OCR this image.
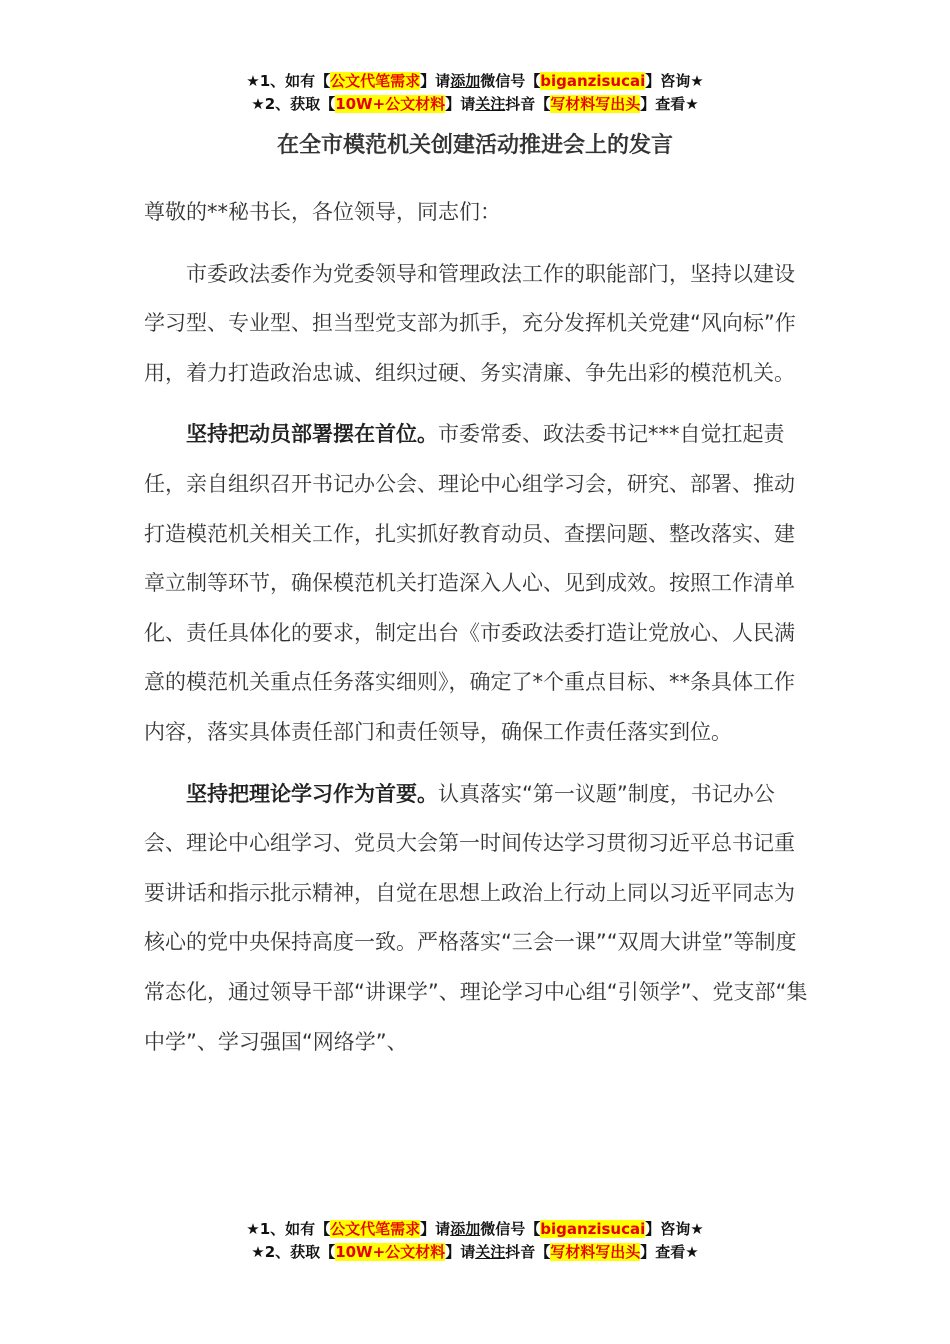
★1、如有【公文代笔需求】请添加微信号【biganzisucai】咨询★
★2、获取【10W+公文材料】请关注抖音【写材料写出头】查看★
在全市模范机关创建活动推进会上的发言

尊敬的**秘书长，各位领导，同志们：

市委政法委作为党委领导和管理政法工作的职能部门，坚持以建设学习型、专业型、担当型党支部为抓手，充分发挥机关党建“风向标”作用，着力打造政治忠诚、组织过硬、务实清廉、争先出彩的模范机关。

坚持把动员部署摆在首位。市委常委、政法委书记***自觉扛起责任，亲自组织召开书记办公会、理论中心组学习会，研究、部署、推动打造模范机关相关工作，扎实抓好教育动员、查摆问题、整改落实、建章立制等环节，确保模范机关打造深入人心、见到成效。按照工作清单化、责任具体化的要求，制定出台《市委政法委打造让党放心、人民满意的模范机关重点任务落实细则》，确定了*个重点目标、**条具体工作内容，落实具体责任部门和责任领导，确保工作责任落实到位。

坚持把理论学习作为首要。认真落实“第一议题”制度，书记办公会、理论中心组学习、党员大会第一时间传达学习贯彻习近平总书记重要讲话和指示批示精神，自觉在思想上政治上行动上同以习近平同志为核心的党中央保持高度一致。严格落实“三会一课”“双周大讲堂”等制度常态化，通过领导干部“讲课学”、理论学习中心组“引领学”、党支部“集中学”、学习强国“网络学”、

★1、如有【公文代笔需求】请添加微信号【biganzisucai】咨询★
★2、获取【10W+公文材料】请关注抖音【写材料写出头】查看★
